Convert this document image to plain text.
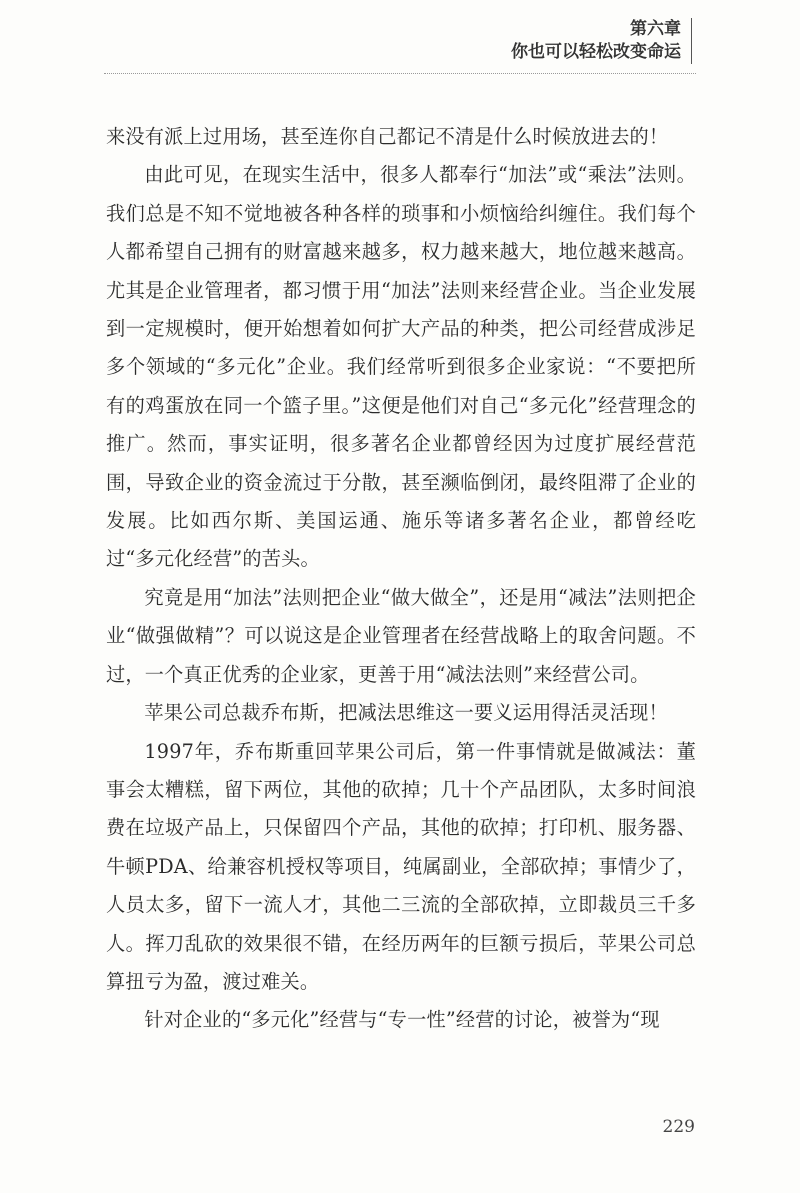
第六章
你也可以轻松改变命运

来没有派上过用场，甚至连你自己都记不清是什么时候放进去的！

由此可见，在现实生活中，很多人都奉行“加法”或“乘法”法则。我们总是不知不觉地被各种各样的琐事和小烦恼给纠缠住。我们每个人都希望自己拥有的财富越来越多，权力越来越大，地位越来越高。尤其是企业管理者，都习惯于用“加法”法则来经营企业。当企业发展到一定规模时，便开始想着如何扩大产品的种类，把公司经营成涉足多个领域的“多元化”企业。我们经常听到很多企业家说：“不要把所有的鸡蛋放在同一个篮子里。”这便是他们对自己“多元化”经营理念的推广。然而，事实证明，很多著名企业都曾经因为过度扩展经营范围，导致企业的资金流过于分散，甚至濒临倒闭，最终阻滞了企业的发展。比如西尔斯、美国运通、施乐等诸多著名企业，都曾经吃过“多元化经营”的苦头。

究竟是用“加法”法则把企业“做大做全”，还是用“减法”法则把企业“做强做精”？可以说这是企业管理者在经营战略上的取舍问题。不过，一个真正优秀的企业家，更善于用“减法法则”来经营公司。

苹果公司总裁乔布斯，把减法思维这一要义运用得活灵活现！

1997年，乔布斯重回苹果公司后，第一件事情就是做减法：董事会太糟糕，留下两位，其他的砍掉；几十个产品团队，太多时间浪费在垃圾产品上，只保留四个产品，其他的砍掉；打印机、服务器、牛顿PDA、给兼容机授权等项目，纯属副业，全部砍掉；事情少了，人员太多，留下一流人才，其他二三流的全部砍掉，立即裁员三千多人。挥刀乱砍的效果很不错，在经历两年的巨额亏损后，苹果公司总算扭亏为盈，渡过难关。

针对企业的“多元化”经营与“专一性”经营的讨论，被誉为“现

229
